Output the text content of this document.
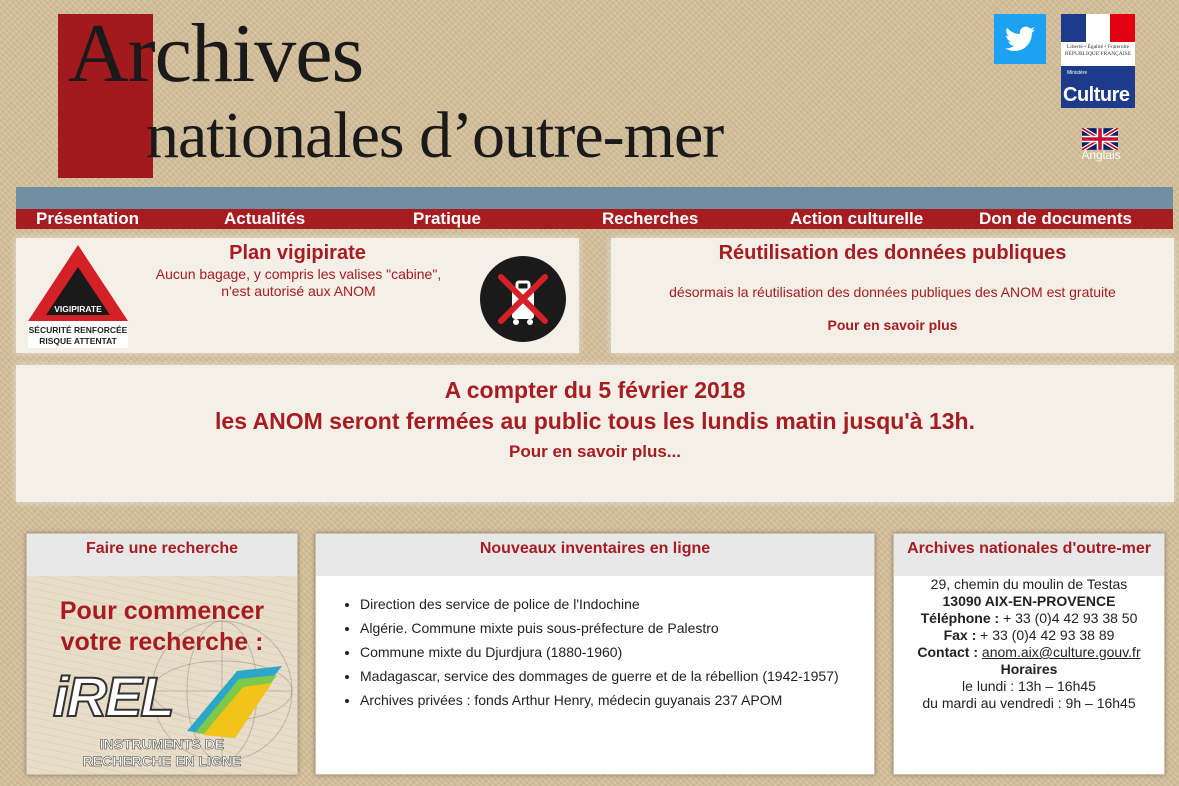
Archives
nationales d’outre-mer
Liberté • Égalité • Fraternité RÉPUBLIQUE FRANÇAISE
Ministère
Culture
Anglais
Présentation	Actualités	Pratique	Recherches	Action culturelle	Don de documents
VIGIPIRATE
SÉCURITÉ RENFORCÉE
RISQUE ATTENTAT
Plan vigipirate
Aucun bagage, y compris les valises "cabine",
n'est autorisé aux ANOM
Réutilisation des données publiques
désormais la réutilisation des données publiques des ANOM est gratuite
Pour en savoir plus
A compter du 5 février 2018
les ANOM seront fermées au public tous les lundis matin jusqu'à 13h.
Pour en savoir plus...
Faire une recherche
Pour commencer
votre recherche :
iREL
INSTRUMENTS DE
RECHERCHE EN LIGNE
Nouveaux inventaires en ligne
• Direction des service de police de l'Indochine
• Algérie. Commune mixte puis sous-préfecture de Palestro
• Commune mixte du Djurdjura (1880-1960)
• Madagascar, service des dommages de guerre et de la rébellion (1942-1957)
• Archives privées : fonds Arthur Henry, médecin guyanais 237 APOM
Archives nationales d'outre-mer
29, chemin du moulin de Testas
13090 AIX-EN-PROVENCE
Téléphone : + 33 (0)4 42 93 38 50
Fax : + 33 (0)4 42 93 38 89
Contact : anom.aix@culture.gouv.fr
Horaires
le lundi : 13h – 16h45
du mardi au vendredi : 9h – 16h45
